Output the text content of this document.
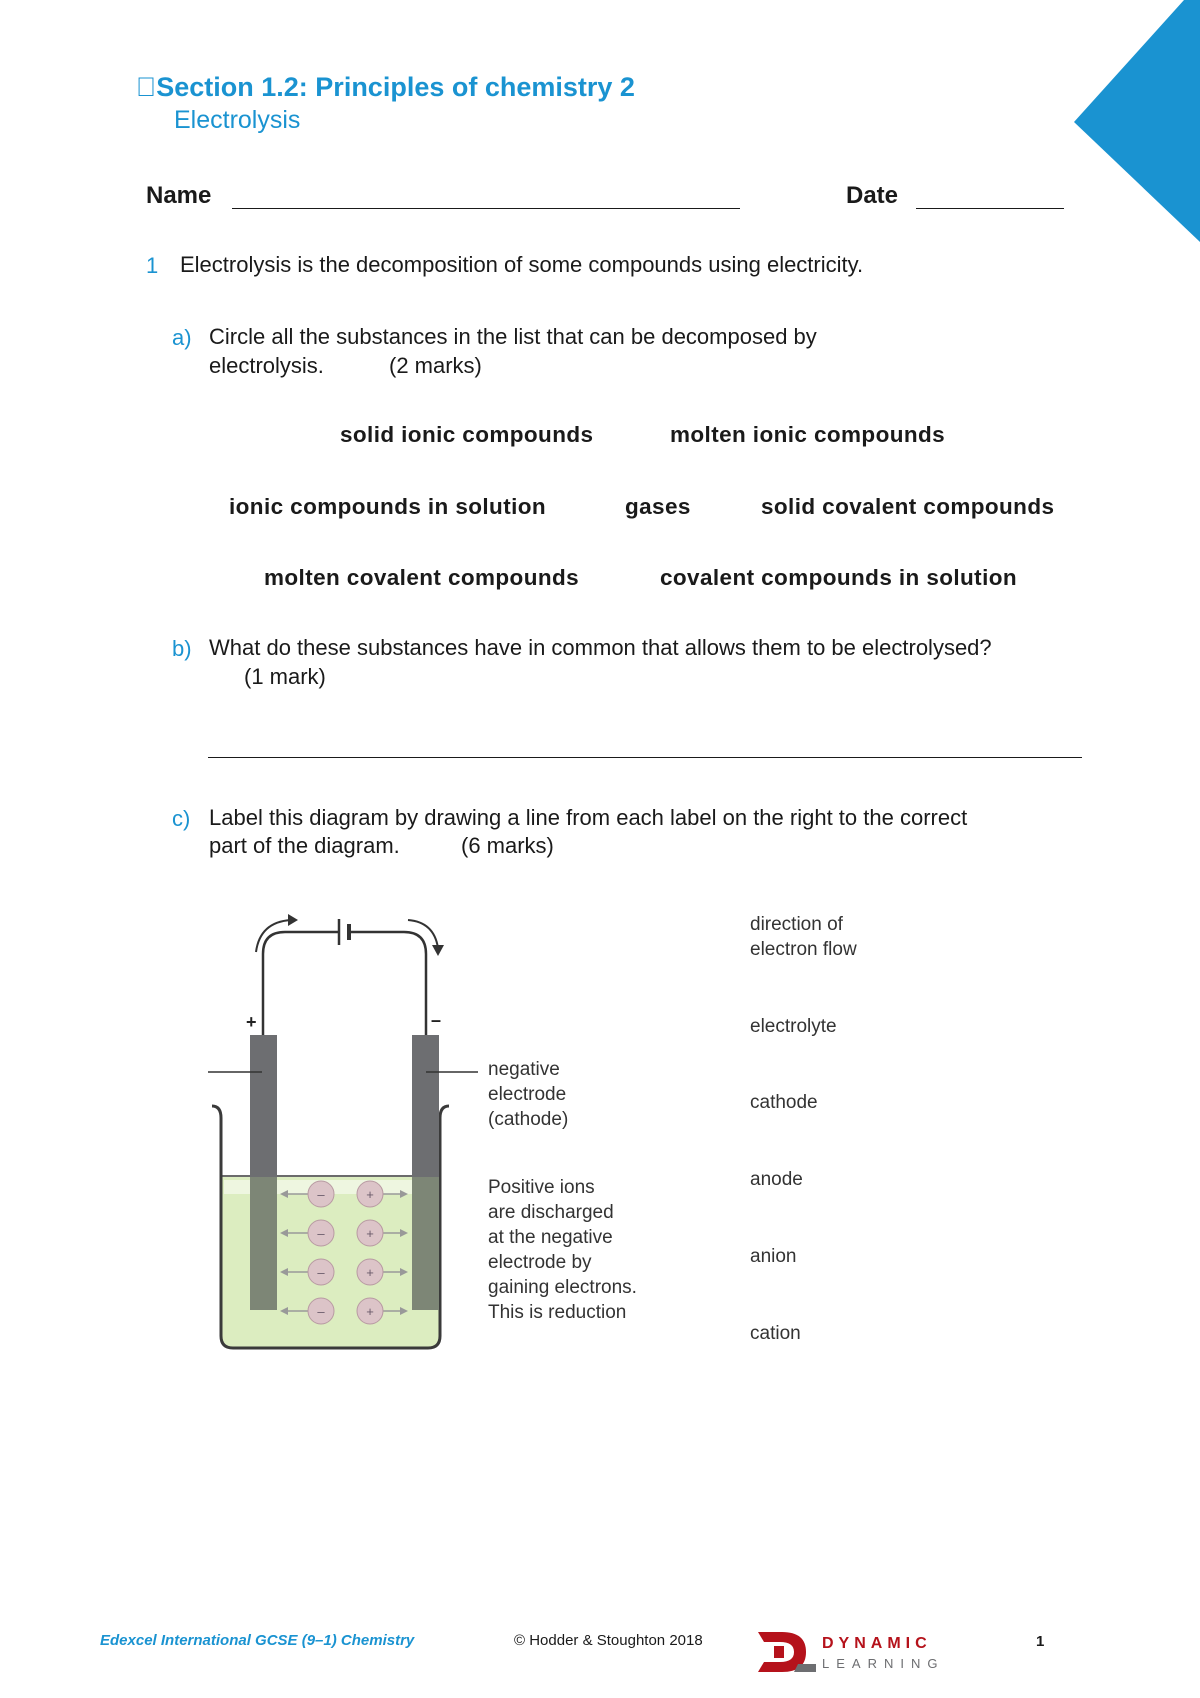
Section 1.2: Principles of chemistry 2
Electrolysis
Name	Date
1 Electrolysis is the decomposition of some compounds using electricity.
a) Circle all the substances in the list that can be decomposed by
electrolysis.	(2 marks)
solid ionic compounds	molten ionic compounds
ionic compounds in solution	gases	solid covalent compounds
molten covalent compounds	covalent compounds in solution
b) What do these substances have in common that allows them to be electrolysed?
(1 mark)
c) Label this diagram by drawing a line from each label on the right to the correct
part of the diagram.	(6 marks)
+	–
–	+
–	+
–	+
–	+
negative
electrode
(cathode)
Positive ions
are discharged
at the negative
electrode by
gaining electrons.
This is reduction
direction of
electron flow
electrolyte
cathode
anode
anion
cation
Edexcel International GCSE (9–1) Chemistry	© Hodder & Stoughton 2018	DYNAMIC
LEARNING
1
